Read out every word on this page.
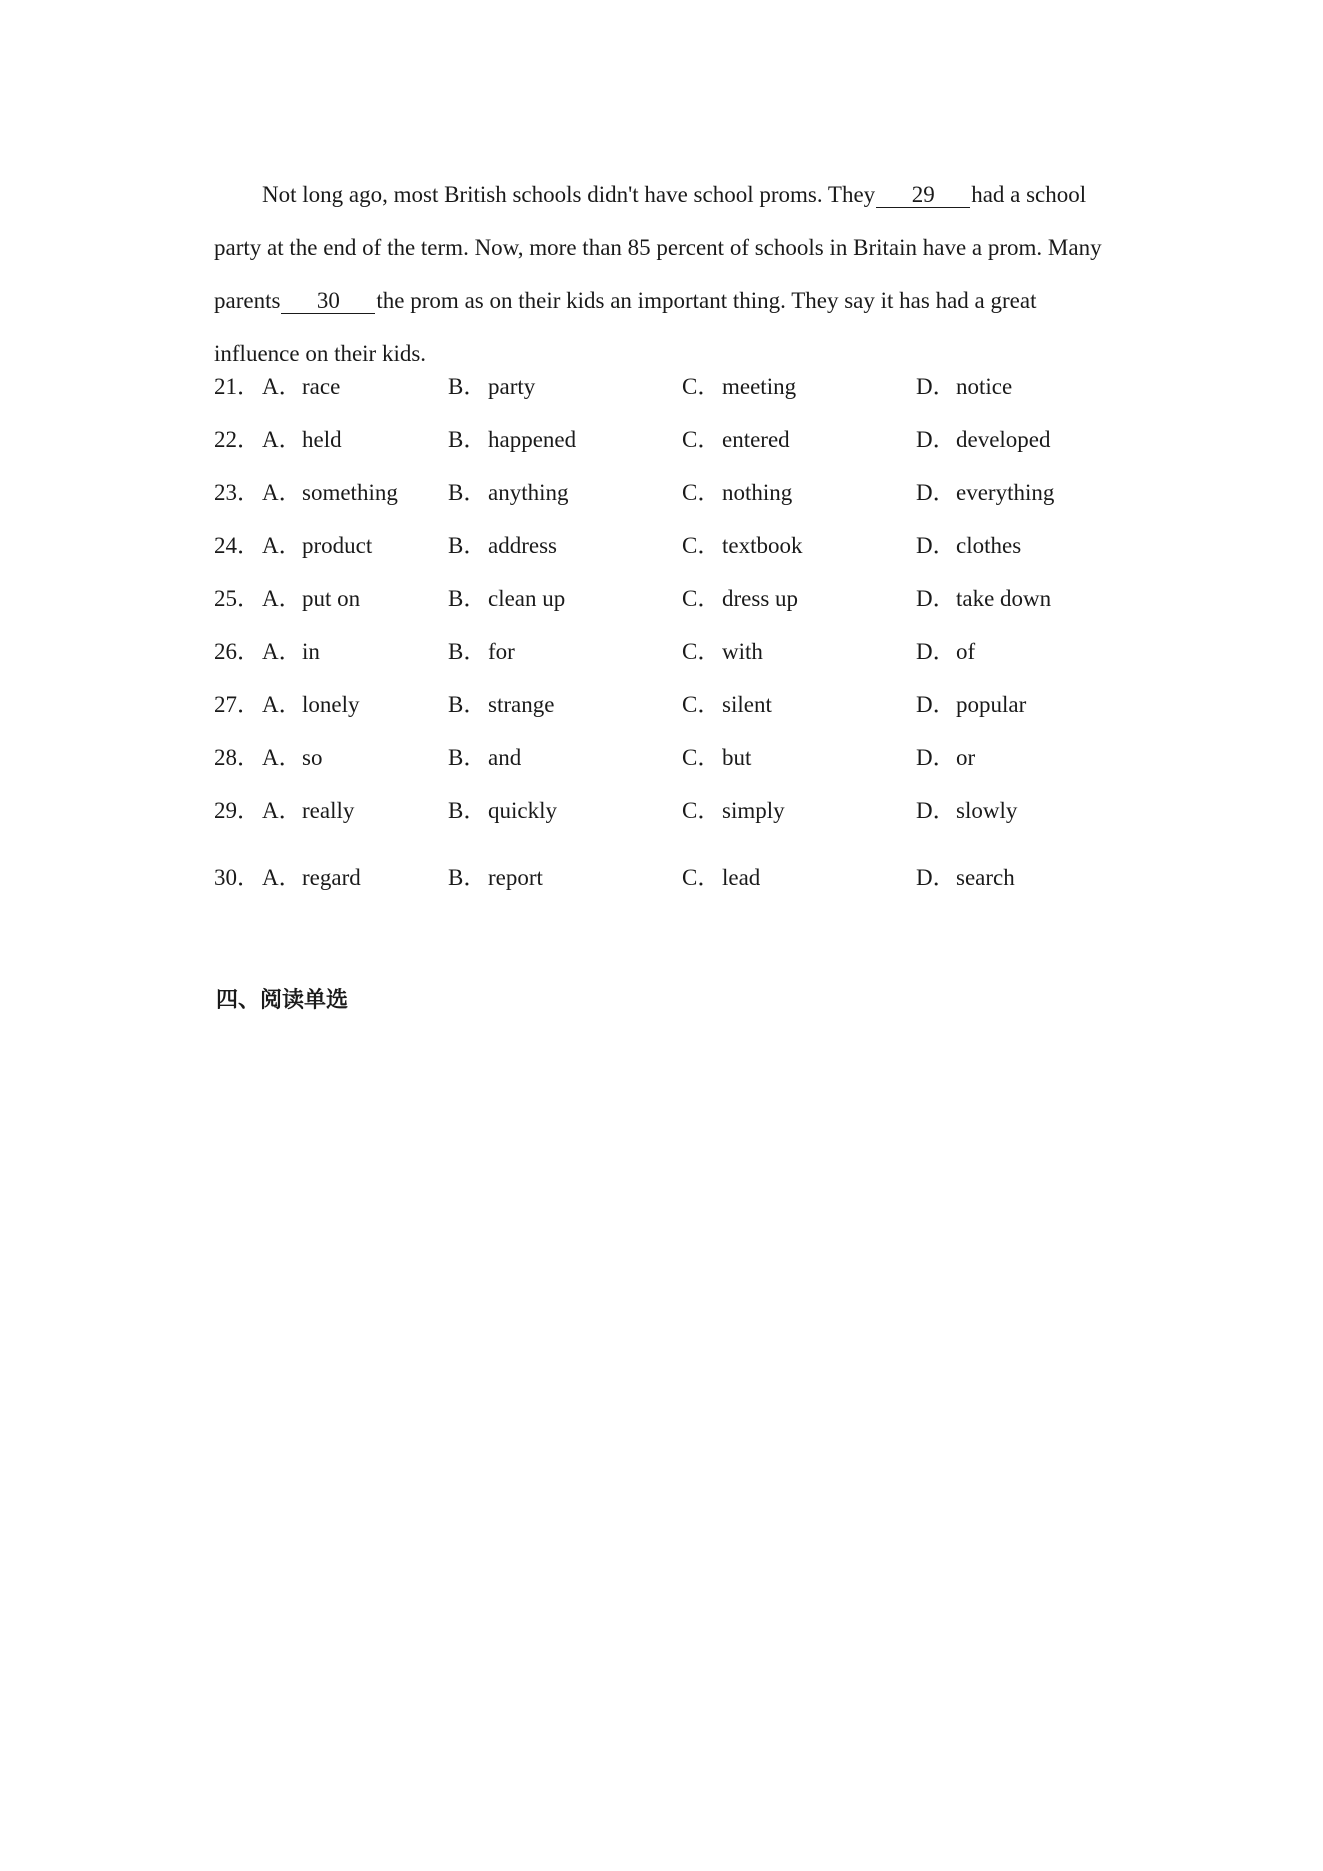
Not long ago, most British schools didn't have school proms. They 29 had a school party at the end of the term. Now, more than 85 percent of schools in Britain have a prom. Many parents 30 the prom as on their kids an important thing. They say it has had a great influence on their kids.

21． A．race	B．party	C．meeting	D．notice
22． A．held	B．happened	C．entered	D．developed
23． A．something B．anything	C．nothing	D．everything
24． A．product	B．address	C．textbook	D．clothes
25． A．put on	B．clean up	C．dress up	D．take down
26． A．in	B．for	C．with	D．of
27． A．lonely	B．strange	C．silent	D．popular
28． A．so	B．and	C．but	D．or
29． A．really	B．quickly	C．simply	D．slowly
30． A．regard	B．report	C．lead	D．search
四、阅读单选
